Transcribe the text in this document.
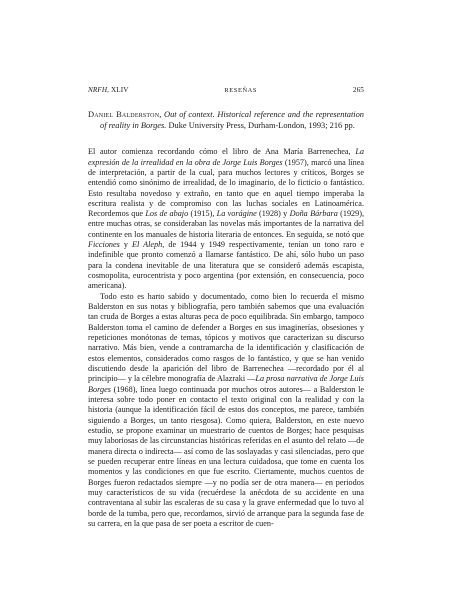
NRFH, XLIV	RESEÑAS	265
Daniel Balderston, Out of context. Historical reference and the representation of reality in Borges. Duke University Press, Durham-London, 1993; 216 pp.

El autor comienza recordando cómo el libro de Ana María Barrenechea, La expresión de la irrealidad en la obra de Jorge Luis Borges (1957), marcó una línea de interpretación, a partir de la cual, para muchos lectores y críticos, Borges se entendió como sinónimo de irrealidad, de lo imaginario, de lo ficticio o fantástico. Esto resultaba novedoso y extraño, en tanto que en aquel tiempo imperaba la escritura realista y de compromiso con las luchas sociales en Latinoamérica. Recordemos que Los de abajo (1915), La vorágine (1928) y Doña Bárbara (1929), entre muchas otras, se consideraban las novelas más importantes de la narrativa del continente en los manuales de historia literaria de entonces. En seguida, se notó que Ficciones y El Aleph, de 1944 y 1949 respectivamente, tenían un tono raro e indefinible que pronto comenzó a llamarse fantástico. De ahí, sólo hubo un paso para la condena inevitable de una literatura que se consideró además escapista, cosmopolita, eurocentrista y poco argentina (por extensión, en consecuencia, poco americana).

Todo esto es harto sabido y documentado, como bien lo recuerda el mismo Balderston en sus notas y bibliografía, pero también sabemos que una evaluación tan cruda de Borges a estas alturas peca de poco equilibrada. Sin embargo, tampoco Balderston toma el camino de defender a Borges en sus imaginerías, obsesiones y repeticiones monótonas de temas, tópicos y motivos que caracterizan su discurso narrativo. Más bien, vende a contramarcha de la identificación y clasificación de estos elementos, considerados como rasgos de lo fantástico, y que se han venido discutiendo desde la aparición del libro de Barrenechea —recordado por él al principio— y la célebre monografía de Alazraki —La prosa narrativa de Jorge Luis Borges (1968), línea luego continuada por muchos otros autores— a Balderston le interesa sobre todo poner en contacto el texto original con la realidad y con la historia (aunque la identificación fácil de estos dos conceptos, me parece, también siguiendo a Borges, un tanto riesgosa). Como quiera, Balderston, en este nuevo estudio, se propone examinar un muestrario de cuentos de Borges; hace pesquisas muy laboriosas de las circunstancias históricas referidas en el asunto del relato —de manera directa o indirecta— así como de las soslayadas y casi silenciadas, pero que se pueden recuperar entre líneas en una lectura cuidadosa, que tome en cuenta los momentos y las condiciones en que fue escrito. Ciertamente, muchos cuentos de Borges fueron redactados siempre —y no podía ser de otra manera— en periodos muy característicos de su vida (recuérdese la anécdota de su accidente en una contraventana al subir las escaleras de su casa y la grave enfermedad que lo tuvo al borde de la tumba, pero que, recordamos, sirvió de arranque para la segunda fase de su carrera, en la que pasa de ser poeta a escritor de cuen-
